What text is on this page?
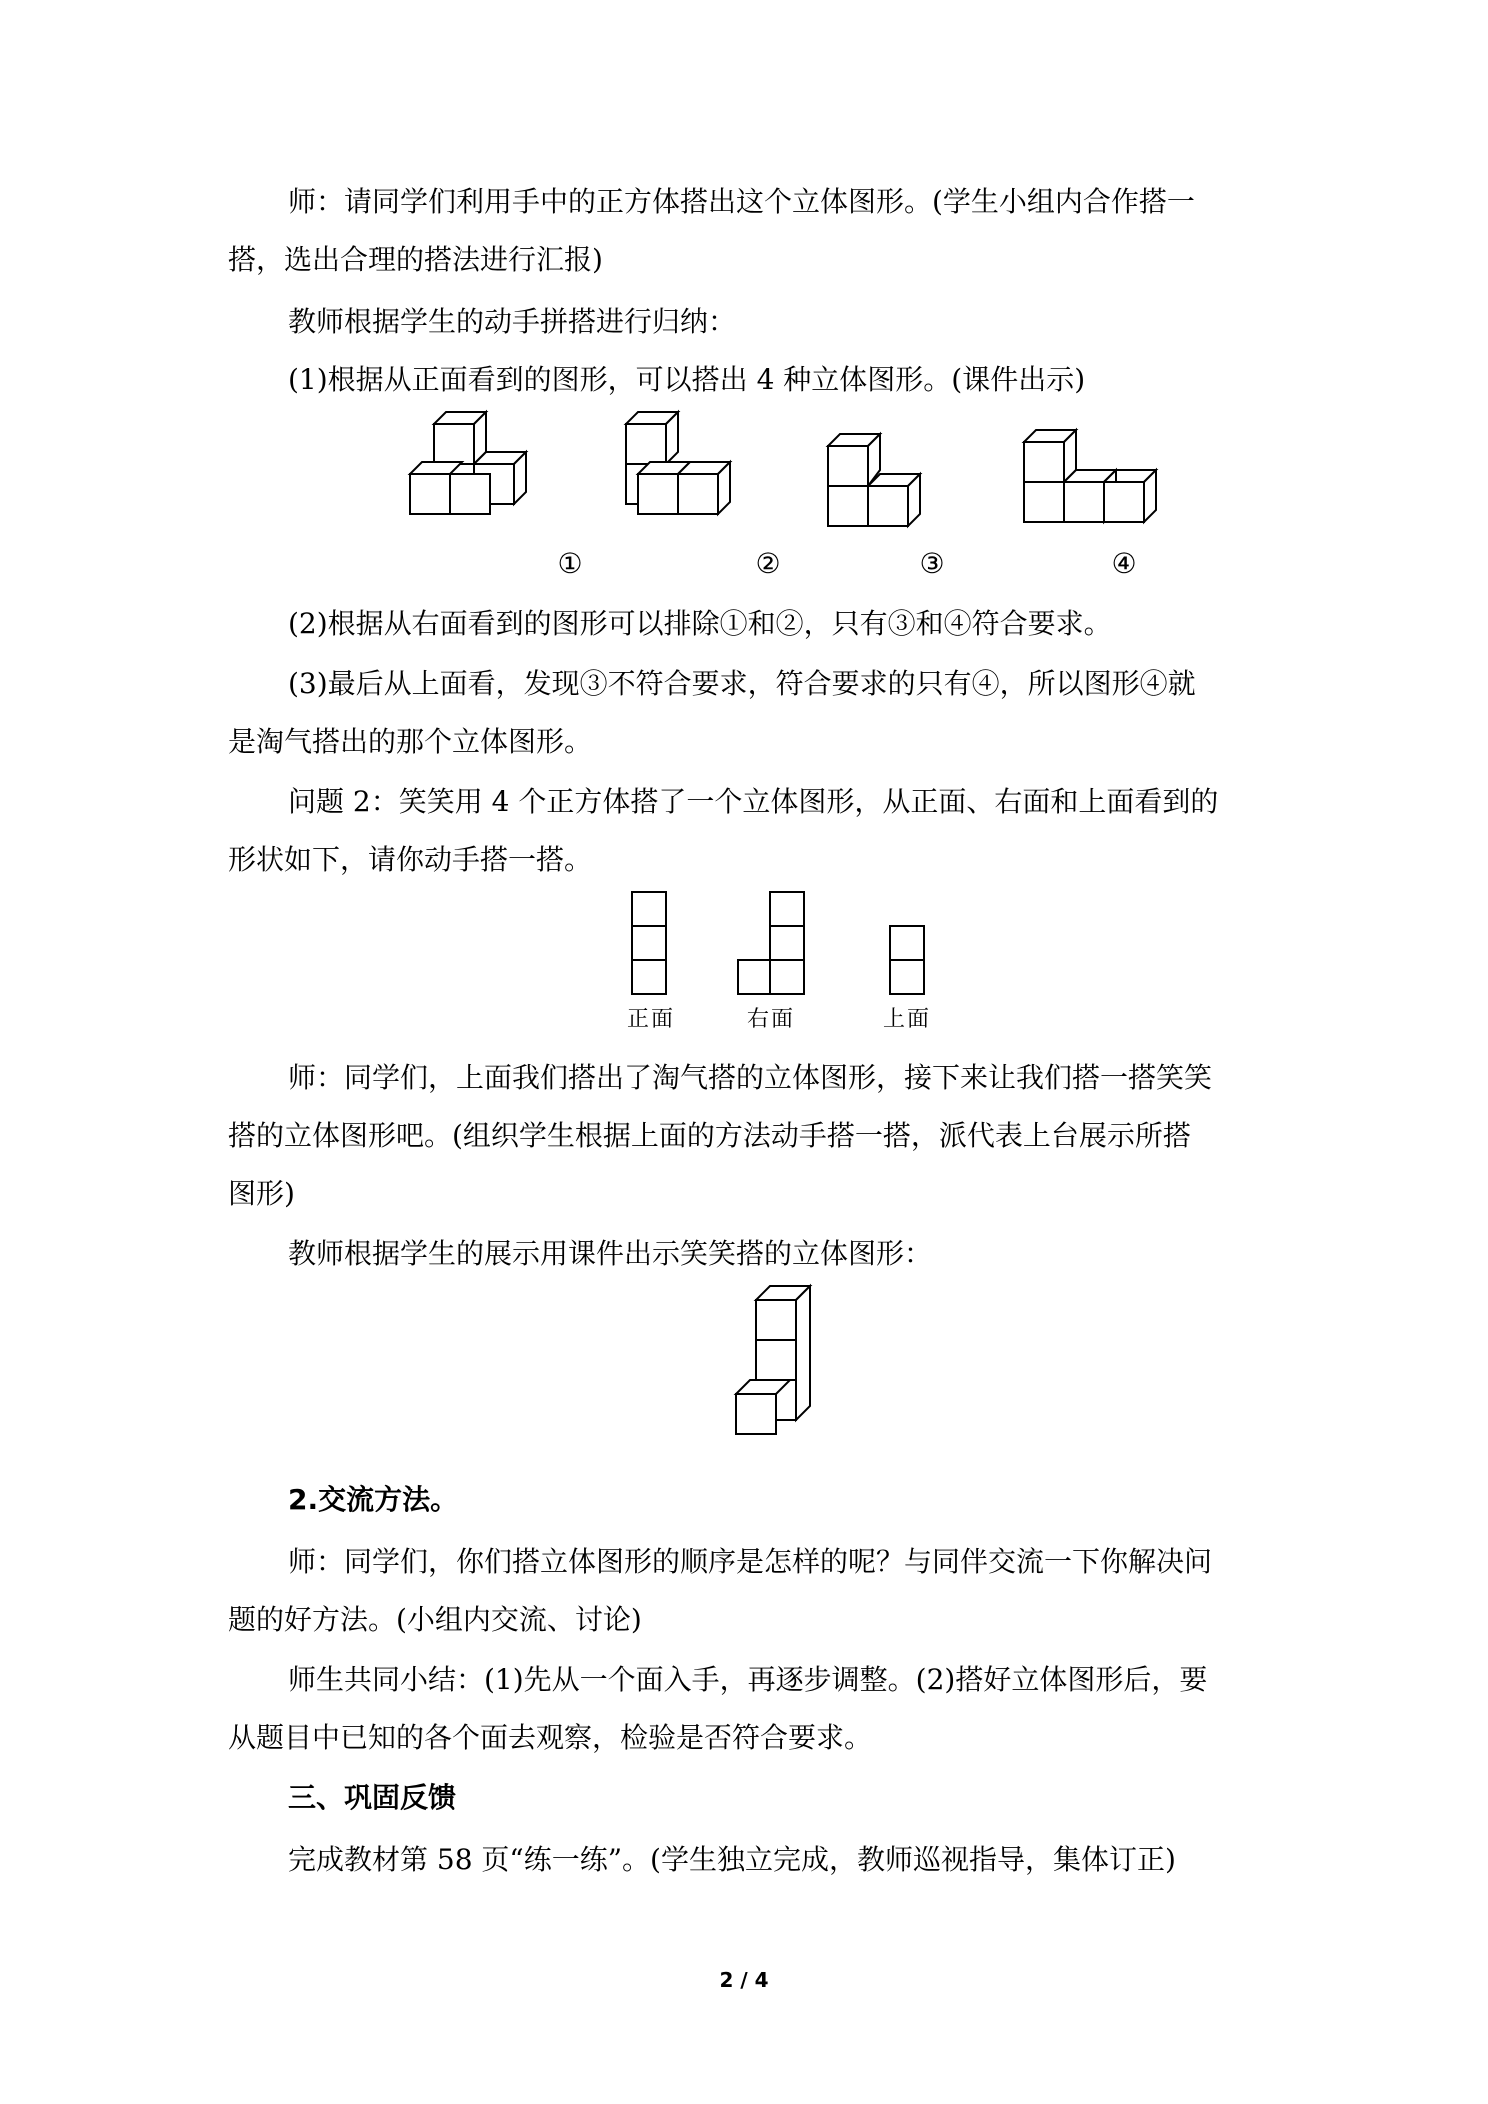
师：请同学们利用手中的正方体搭出这个立体图形。(学生小组内合作搭一
搭，选出合理的搭法进行汇报)
教师根据学生的动手拼搭进行归纳：
(1)根据从正面看到的图形，可以搭出 4 种立体图形。(课件出示)
①	②	③	④
(2)根据从右面看到的图形可以排除①和②，只有③和④符合要求。
(3)最后从上面看，发现③不符合要求，符合要求的只有④，所以图形④就
是淘气搭出的那个立体图形。
问题 2：笑笑用 4 个正方体搭了一个立体图形，从正面、右面和上面看到的
形状如下，请你动手搭一搭。
正面	右面	上面
师：同学们，上面我们搭出了淘气搭的立体图形，接下来让我们搭一搭笑笑
搭的立体图形吧。(组织学生根据上面的方法动手搭一搭，派代表上台展示所搭
图形)
教师根据学生的展示用课件出示笑笑搭的立体图形：
2.交流方法。
师：同学们，你们搭立体图形的顺序是怎样的呢？与同伴交流一下你解决问
题的好方法。(小组内交流、讨论)
师生共同小结：(1)先从一个面入手，再逐步调整。(2)搭好立体图形后，要
从题目中已知的各个面去观察，检验是否符合要求。
三、巩固反馈
完成教材第 58 页“练一练”。(学生独立完成，教师巡视指导，集体订正)
2 / 4
